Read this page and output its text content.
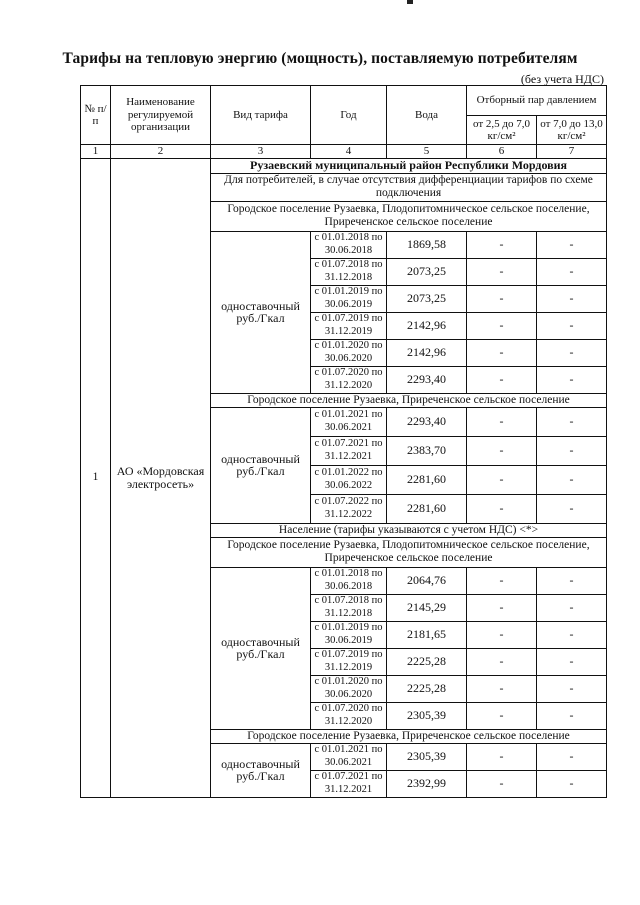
Тарифы на тепловую энергию (мощность), поставляемую потребителям
(без учета НДС)
№ п/п	Наименование регулируемой организации	Вид тарифа	Год	Вода	Отборный пар давлением	
					от 2,5 до 7,0 кг/см²	от 7,0 до 13,0 кг/см²
1	2	3	4	5	6	7
1	АО «Мордовская электросеть»	Рузаевский муниципальный район Республики Мордовия				
		Для потребителей, в случае отсутствия дифференциации тарифов по схеме подключения				
		Городское поселение Рузаевка, Плодопитомническое сельское поселение, Приреченское сельское поселение				
		одноставочный руб./Гкал	с 01.01.2018 по 30.06.2018	1869,58	-	-
			с 01.07.2018 по 31.12.2018	2073,25	-	-
			с 01.01.2019 по 30.06.2019	2073,25	-	-
			с 01.07.2019 по 31.12.2019	2142,96	-	-
			с 01.01.2020 по 30.06.2020	2142,96	-	-
			с 01.07.2020 по 31.12.2020	2293,40	-	-
		Городское поселение Рузаевка, Приреченское сельское поселение				
		одноставочный руб./Гкал	с 01.01.2021 по 30.06.2021	2293,40	-	-
			с 01.07.2021 по 31.12.2021	2383,70	-	-
			с 01.01.2022 по 30.06.2022	2281,60	-	-
			с 01.07.2022 по 31.12.2022	2281,60	-	-
		Население (тарифы указываются с учетом НДС) <*>				
		Городское поселение Рузаевка, Плодопитомническое сельское поселение, Приреченское сельское поселение				
		одноставочный руб./Гкал	с 01.01.2018 по 30.06.2018	2064,76	-	-
			с 01.07.2018 по 31.12.2018	2145,29	-	-
			с 01.01.2019 по 30.06.2019	2181,65	-	-
			с 01.07.2019 по 31.12.2019	2225,28	-	-
			с 01.01.2020 по 30.06.2020	2225,28	-	-
			с 01.07.2020 по 31.12.2020	2305,39	-	-
		Городское поселение Рузаевка, Приреченское сельское поселение				
		одноставочный руб./Гкал	с 01.01.2021 по 30.06.2021	2305,39	-	-
			с 01.07.2021 по 31.12.2021	2392,99	-	-
